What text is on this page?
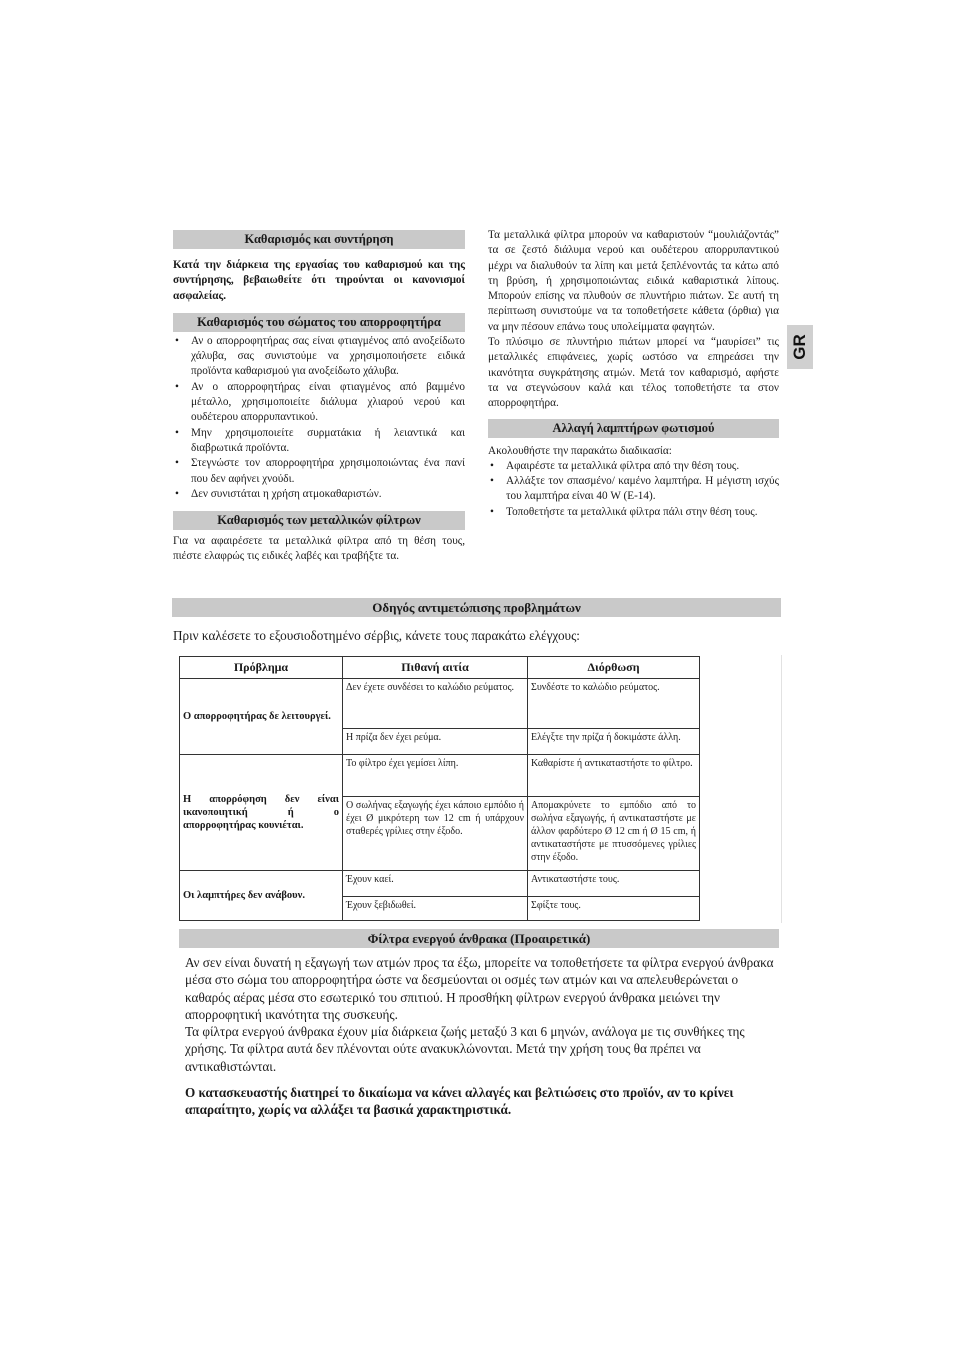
GR
Καθαρισμός και συντήρηση
Κατά την διάρκεια της εργασίας του καθαρισμού και της συντήρησης, βεβαιωθείτε ότι τηρούνται οι κανονισμοί ασφαλείας.
Καθαρισμός του σώματος του απορροφητήρα
• Αν ο απορροφητήρας σας είναι φτιαγμένος από ανοξείδωτο χάλυβα, σας συνιστούμε να χρησιμοποιήσετε ειδικά προϊόντα καθαρισμού για ανοξείδωτο χάλυβα.
• Αν ο απορροφητήρας είναι φτιαγμένος από βαμμένο μέταλλο, χρησιμοποιείτε διάλυμα χλιαρού νερού και ουδέτερου απορρυπαντικού.
• Μην χρησιμοποιείτε συρματάκια ή λειαντικά και διαβρωτικά προϊόντα.
• Στεγνώστε τον απορροφητήρα χρησιμοποιώντας ένα πανί που δεν αφήνει χνούδι.
• Δεν συνιστάται η χρήση ατμοκαθαριστών.
Καθαρισμός των μεταλλικών φίλτρων
Για να αφαιρέσετε τα μεταλλικά φίλτρα από τη θέση τους, πιέστε ελαφρώς τις ειδικές λαβές και τραβήξτε τα.
Τα μεταλλικά φίλτρα μπορούν να καθαριστούν “μουλιάζοντάς” τα σε ζεστό διάλυμα νερού και ουδέτερου απορρυπαντικού μέχρι να διαλυθούν τα λίπη και μετά ξεπλένοντάς τα κάτω από τη βρύση, ή χρησιμοποιώντας ειδικά καθαριστικά λίπους. Μπορούν επίσης να πλυθούν σε πλυντήριο πιάτων. Σε αυτή τη περίπτωση συνιστούμε να τα τοποθετήσετε κάθετα (όρθια) για να μην πέσουν επάνω τους υπολείμματα φαγητών.
Το πλύσιμο σε πλυντήριο πιάτων μπορεί να “μαυρίσει” τις μεταλλικές επιφάνειες, χωρίς ωστόσο να επηρεάσει την ικανότητα συγκράτησης ατμών. Μετά τον καθαρισμό, αφήστε τα να στεγνώσουν καλά και τέλος τοποθετήστε τα στον απορροφητήρα.
Αλλαγή λαμπτήρων φωτισμού
Ακολουθήστε την παρακάτω διαδικασία:
• Αφαιρέστε τα μεταλλικά φίλτρα από την θέση τους.
• Αλλάξτε τον σπασμένο/ καμένο λαμπτήρα. Η μέγιστη ισχύς του λαμπτήρα είναι 40 W (E-14).
• Τοποθετήστε τα μεταλλικά φίλτρα πάλι στην θέση τους.
Οδηγός αντιμετώπισης προβλημάτων
Πριν καλέσετε το εξουσιοδοτημένο σέρβις, κάνετε τους παρακάτω ελέγχους:
Πρόβλημα	Πιθανή αιτία	Διόρθωση
Ο απορροφητήρας δε λειτουργεί.	Δεν έχετε συνδέσει το καλώδιο ρεύματος.	Συνδέστε το καλώδιο ρεύματος.
	Η πρίζα δεν έχει ρεύμα.	Ελέγξτε την πρίζα ή δοκιμάστε άλλη.
Η απορρόφηση δεν είναι ικανοποιητική ή ο απορροφητήρας κουνιέται.	Το φίλτρο έχει γεμίσει λίπη.	Καθαρίστε ή αντικαταστήστε το φίλτρο.
	Ο σωλήνας εξαγωγής έχει κάποιο εμπόδιο ή έχει Ø μικρότερη των 12 cm ή υπάρχουν σταθερές γρίλιες στην έξοδο.	Απομακρύνετε το εμπόδιο από το σωλήνα εξαγωγής, ή αντικαταστήστε με άλλον φαρδύτερο Ø 12 cm ή Ø 15 cm, ή αντικαταστήστε με πτυσσόμενες γρίλιες στην έξοδο.
Οι λαμπτήρες δεν ανάβουν.	Έχουν καεί.	Αντικαταστήστε τους.
	Έχουν ξεβιδωθεί.	Σφίξτε τους.
Φίλτρα ενεργού άνθρακα (Προαιρετικά)
Αν σεν είναι δυνατή η εξαγωγή των ατμών προς τα έξω, μπορείτε να τοποθετήσετε τα φίλτρα ενεργού άνθρακα μέσα στο σώμα του απορροφητήρα ώστε να δεσμεύονται οι οσμές των ατμών και να απελευθερώνεται ο καθαρός αέρας μέσα στο εσωτερικό του σπιτιού. Η προσθήκη φίλτρων ενεργού άνθρακα μειώνει την απορροφητική ικανότητα της συσκευής.
Τα φίλτρα ενεργού άνθρακα έχουν μία διάρκεια ζωής μεταξύ 3 και 6 μηνών, ανάλογα με τις συνθήκες της χρήσης. Τα φίλτρα αυτά δεν πλένονται ούτε ανακυκλώνονται. Μετά την χρήση τους θα πρέπει να αντικαθιστώνται.
Ο κατασκευαστής διατηρεί το δικαίωμα να κάνει αλλαγές και βελτιώσεις στο προϊόν, αν το κρίνει απαραίτητο, χωρίς να αλλάξει τα βασικά χαρακτηριστικά.
